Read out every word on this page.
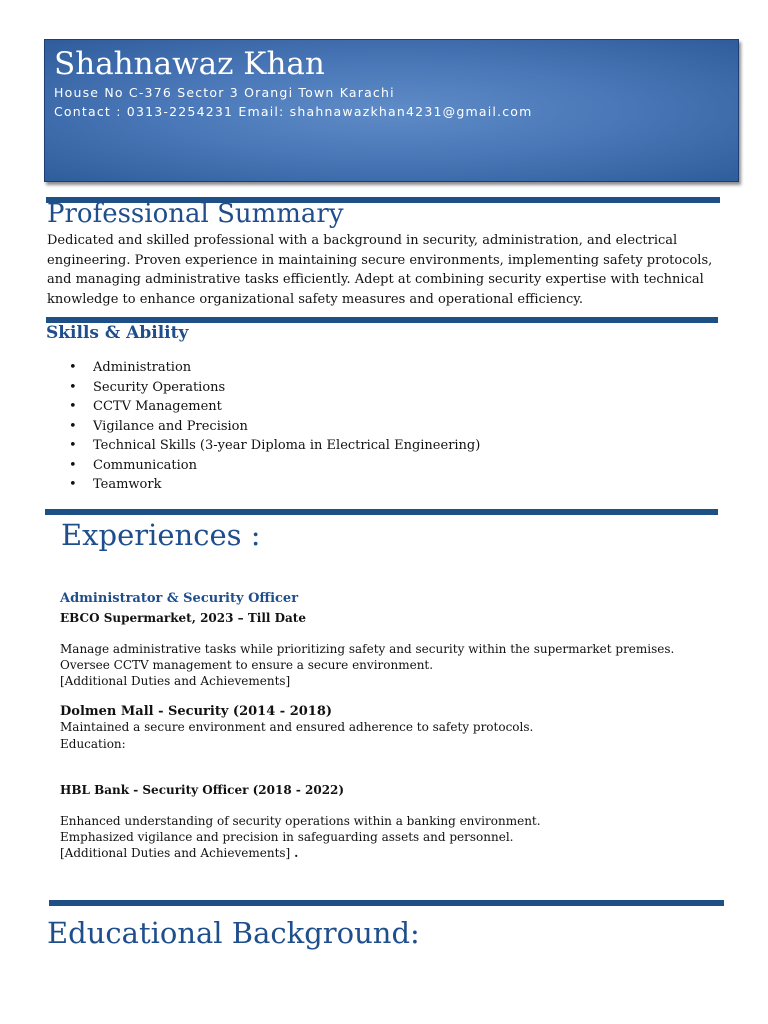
Shahnawaz Khan
House No C-376 Sector 3 Orangi Town Karachi
Contact : 0313-2254231 Email: shahnawazkhan4231@gmail.com
Professional Summary
Dedicated and skilled professional with a background in security, administration, and electrical
engineering. Proven experience in maintaining secure environments, implementing safety protocols,
and managing administrative tasks efficiently. Adept at combining security expertise with technical
knowledge to enhance organizational safety measures and operational efficiency.
Skills & Ability
• Administration
• Security Operations
• CCTV Management
• Vigilance and Precision
• Technical Skills (3-year Diploma in Electrical Engineering)
• Communication
• Teamwork
Experiences :
Administrator & Security Officer
EBCO Supermarket, 2023 – Till Date
Manage administrative tasks while prioritizing safety and security within the supermarket premises.
Oversee CCTV management to ensure a secure environment.
[Additional Duties and Achievements]
Dolmen Mall - Security (2014 - 2018)
Maintained a secure environment and ensured adherence to safety protocols.
Education:
HBL Bank - Security Officer (2018 - 2022)
Enhanced understanding of security operations within a banking environment.
Emphasized vigilance and precision in safeguarding assets and personnel.
[Additional Duties and Achievements] .
Educational Background:
